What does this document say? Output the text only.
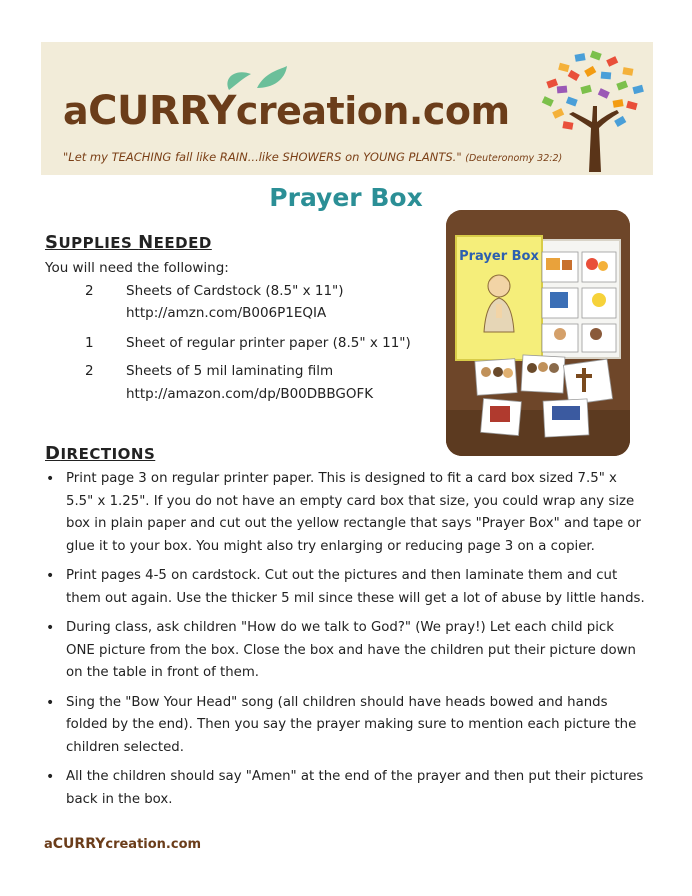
aCURRYcreation.com
"Let my TEACHING fall like RAIN...like SHOWERS on YOUNG PLANTS." (Deuteronomy 32:2)
Prayer Box
SUPPLIES NEEDED
You will need the following:
2 Sheets of Cardstock (8.5" x 11")
http://amzn.com/B006P1EQIA
1 Sheet of regular printer paper (8.5" x 11")
2 Sheets of 5 mil laminating film
http://amazon.com/dp/B00DBBGOFK
Prayer Box
DIRECTIONS
• Print page 3 on regular printer paper. This is designed to fit a card box sized 7.5" x 5.5" x 1.25". If you do not have an empty card box that size, you could wrap any size box in plain paper and cut out the yellow rectangle that says "Prayer Box" and tape or glue it to your box. You might also try enlarging or reducing page 3 on a copier.
• Print pages 4-5 on cardstock. Cut out the pictures and then laminate them and cut them out again. Use the thicker 5 mil since these will get a lot of abuse by little hands.
• During class, ask children "How do we talk to God?" (We pray!) Let each child pick ONE picture from the box. Close the box and have the children put their picture down on the table in front of them.
• Sing the "Bow Your Head" song (all children should have heads bowed and hands folded by the end). Then you say the prayer making sure to mention each picture the children selected.
• All the children should say "Amen" at the end of the prayer and then put their pictures back in the box.
aCURRYcreation.com
